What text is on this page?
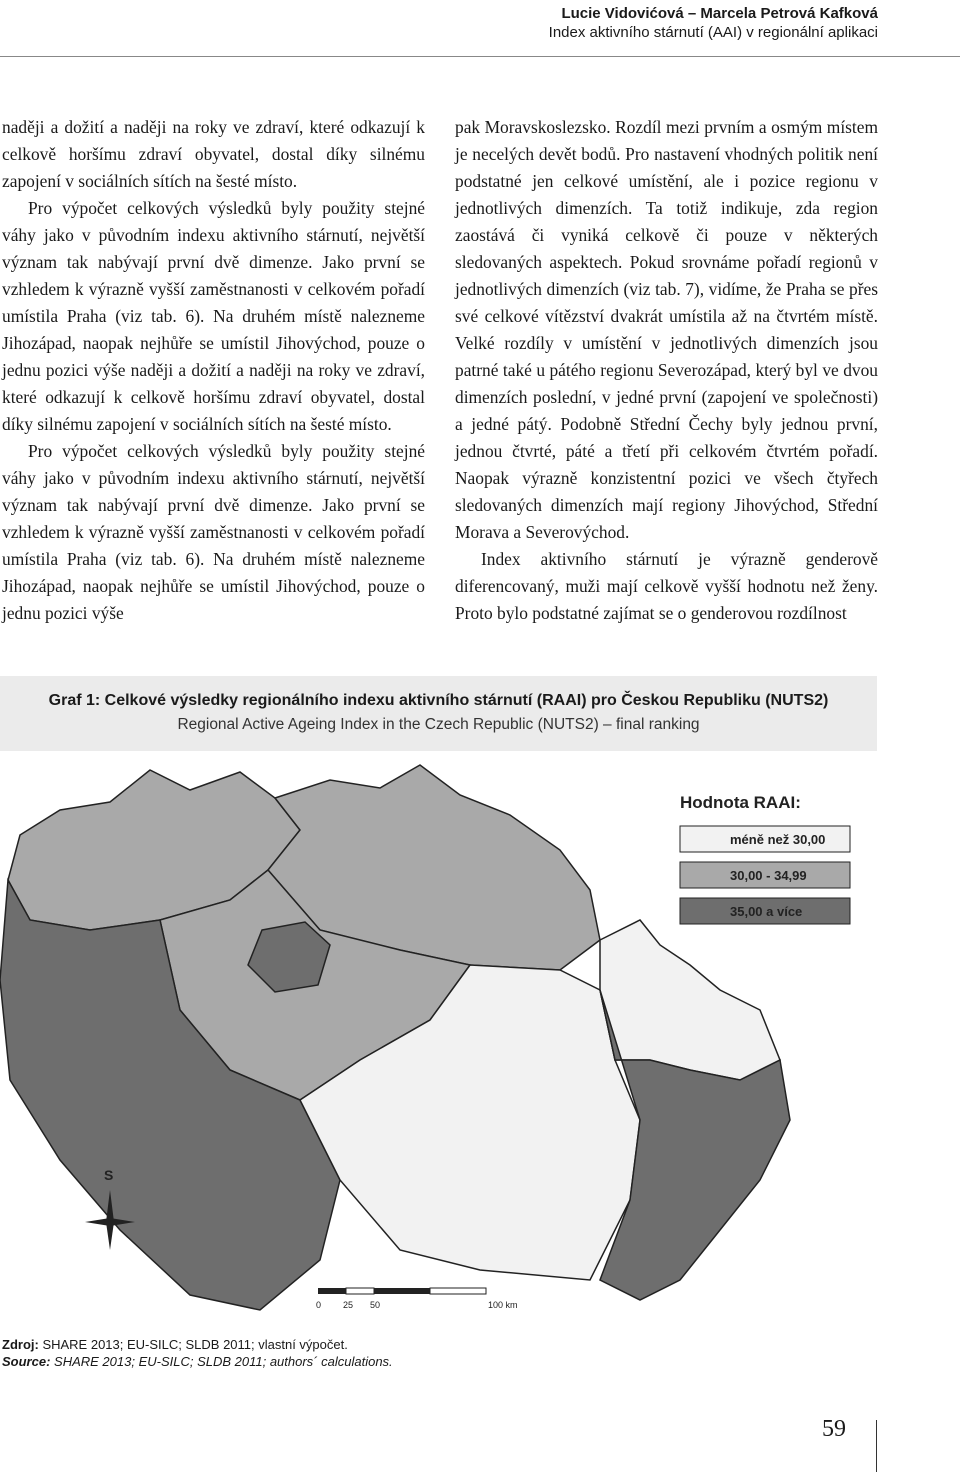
Lucie Vidovićová – Marcela Petrová Kafková
Index aktivního stárnutí (AAI) v regionální aplikaci

naději a dožití a naději na roky ve zdraví, které odkazují k celkově horšímu zdraví obyvatel, dostal díky silnému zapojení v sociálních sítích na šesté místo.

Pro výpočet celkových výsledků byly použity stejné váhy jako v původním indexu aktivního stárnutí, největší význam tak nabývají první dvě dimenze. Jako první se vzhledem k výrazně vyšší zaměstnanosti v celkovém pořadí umístila Praha (viz tab. 6). Na druhém místě nalezneme Jihozápad, naopak nejhůře se umístil Jihovýchod, pouze o jednu pozici výše naději a dožití a naději na roky ve zdraví, které odkazují k celkově horšímu zdraví obyvatel, dostal díky silnému zapojení v sociálních sítích na šesté místo.

Pro výpočet celkových výsledků byly použity stejné váhy jako v původním indexu aktivního stárnutí, největší význam tak nabývají první dvě dimenze. Jako první se vzhledem k výrazně vyšší zaměstnanosti v celkovém pořadí umístila Praha (viz tab. 6). Na druhém místě nalezneme Jihozápad, naopak nejhůře se umístil Jihovýchod, pouze o jednu pozici výše

pak Moravskoslezsko. Rozdíl mezi prvním a osmým místem je necelých devět bodů. Pro nastavení vhodných politik není podstatné jen celkové umístění, ale i pozice regionu v jednotlivých dimenzích. Ta totiž indikuje, zda region zaostává či vyniká celkově či pouze v některých sledovaných aspektech. Pokud srovnáme pořadí regionů v jednotlivých dimenzích (viz tab. 7), vidíme, že Praha se přes své celkové vítězství dvakrát umístila až na čtvrtém místě. Velké rozdíly v umístění v jednotlivých dimenzích jsou patrné také u pátého regionu Severozápad, který byl ve dvou dimenzích poslední, v jedné první (zapojení ve společnosti) a jedné pátý. Podobně Střední Čechy byly jednou první, jednou čtvrté, páté a třetí při celkovém čtvrtém pořadí. Naopak výrazně konzistentní pozici ve všech čtyřech sledovaných dimenzích mají regiony Jihovýchod, Střední Morava a Severovýchod.

Index aktivního stárnutí je výrazně genderově diferencovaný, muži mají celkově vyšší hodnotu než ženy. Proto bylo podstatné zajímat se o genderovou rozdílnost

Graf 1: Celkové výsledky regionálního indexu aktivního stárnutí (RAAI) pro Českou Republiku (NUTS2)
Regional Active Ageing Index in the Czech Republic (NUTS2) – final ranking
Hodnota RAAI:
méně než 30,00
30,00 - 34,99
35,00 a více
S
0 25 50	100 km
Zdroj: SHARE 2013; EU-SILC; SLDB 2011; vlastní výpočet.
Source: SHARE 2013; EU-SILC; SLDB 2011; authors´ calculations.
59
